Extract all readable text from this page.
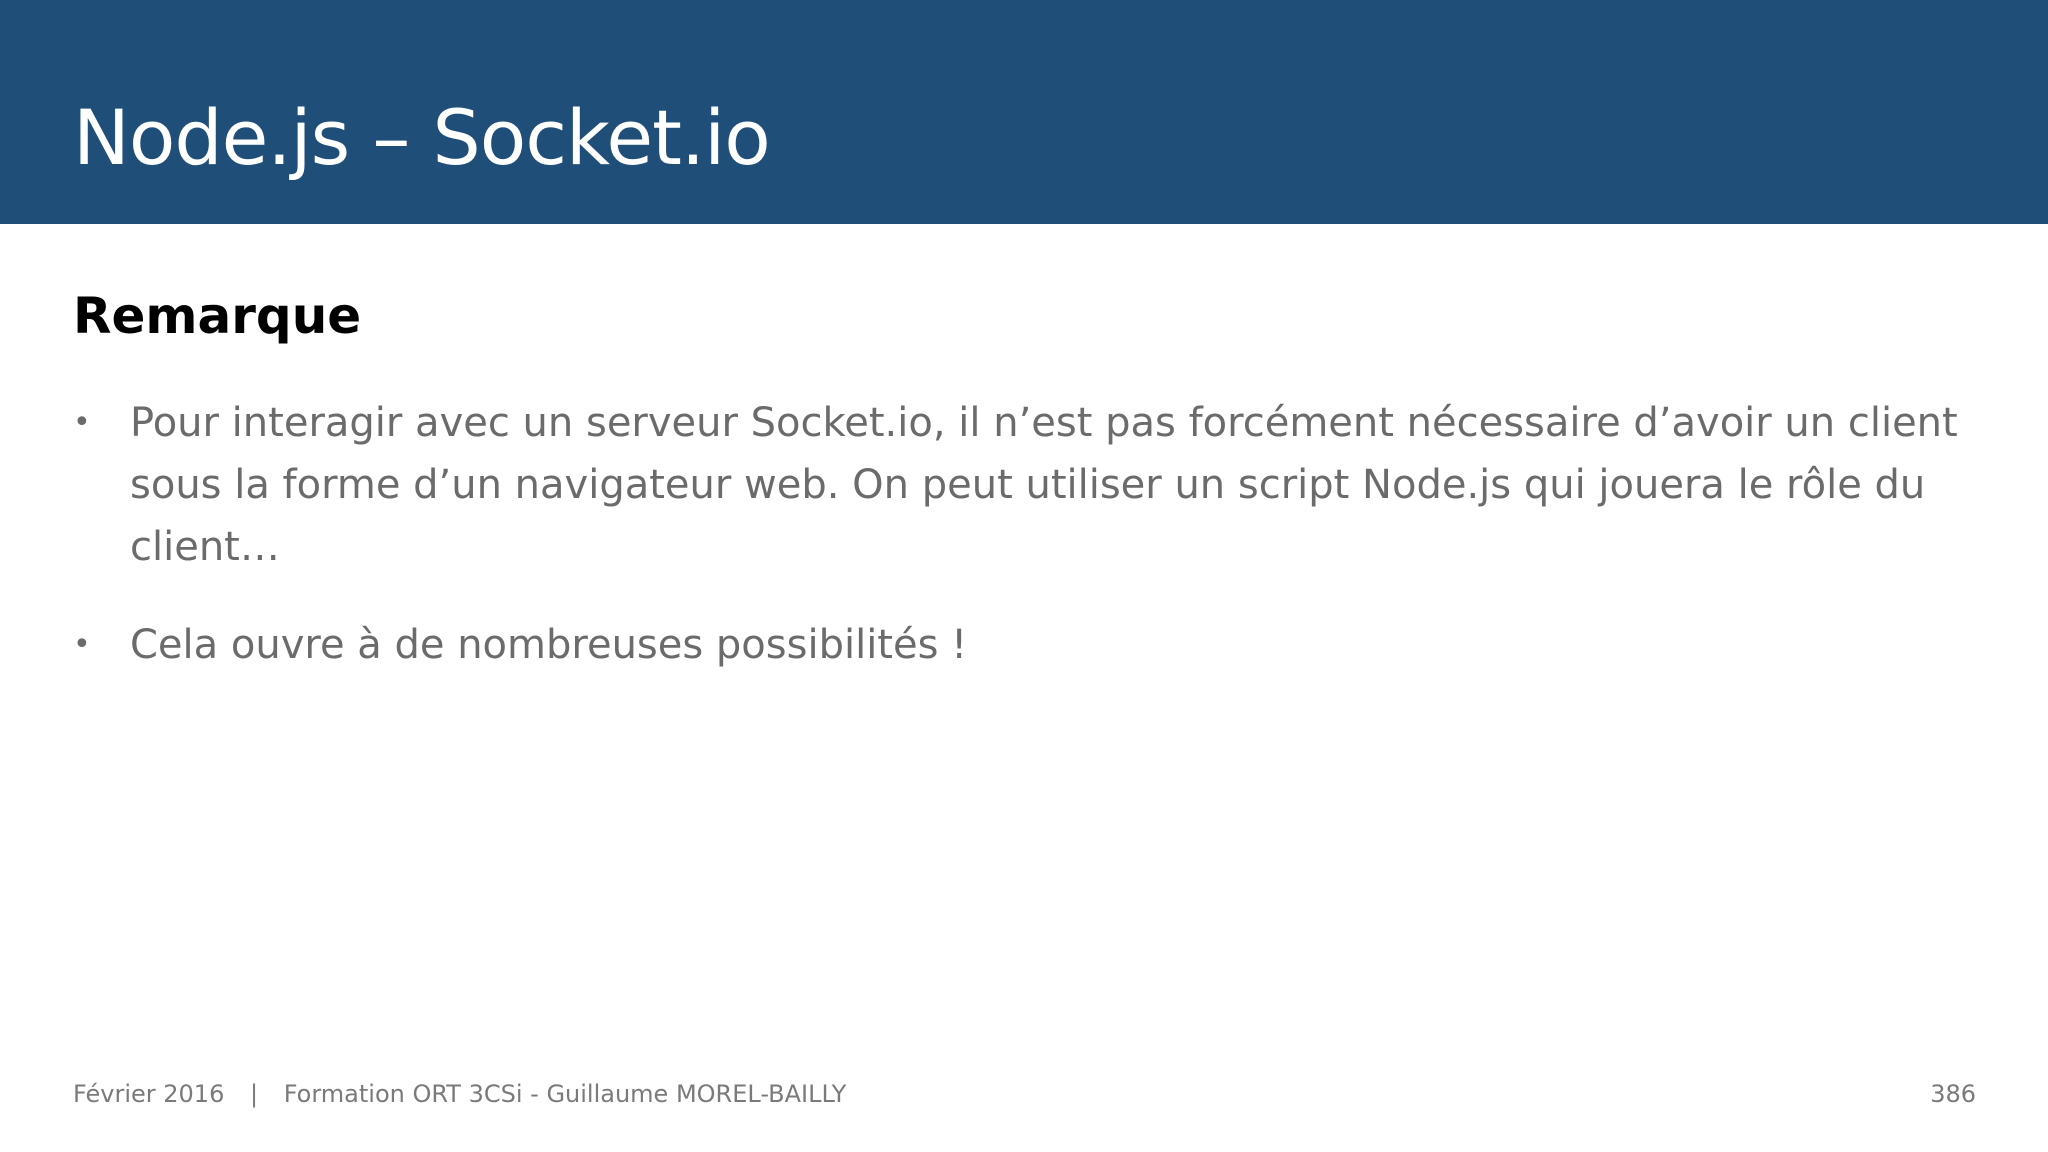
Node.js – Socket.io
Remarque
• Pour interagir avec un serveur Socket.io, il n’est pas forcément nécessaire d’avoir un client sous la forme d’un navigateur web. On peut utiliser un script Node.js qui jouera le rôle du client…
• Cela ouvre à de nombreuses possibilités !
Février 2016 | Formation ORT 3CSi - Guillaume MOREL-BAILLY	386
